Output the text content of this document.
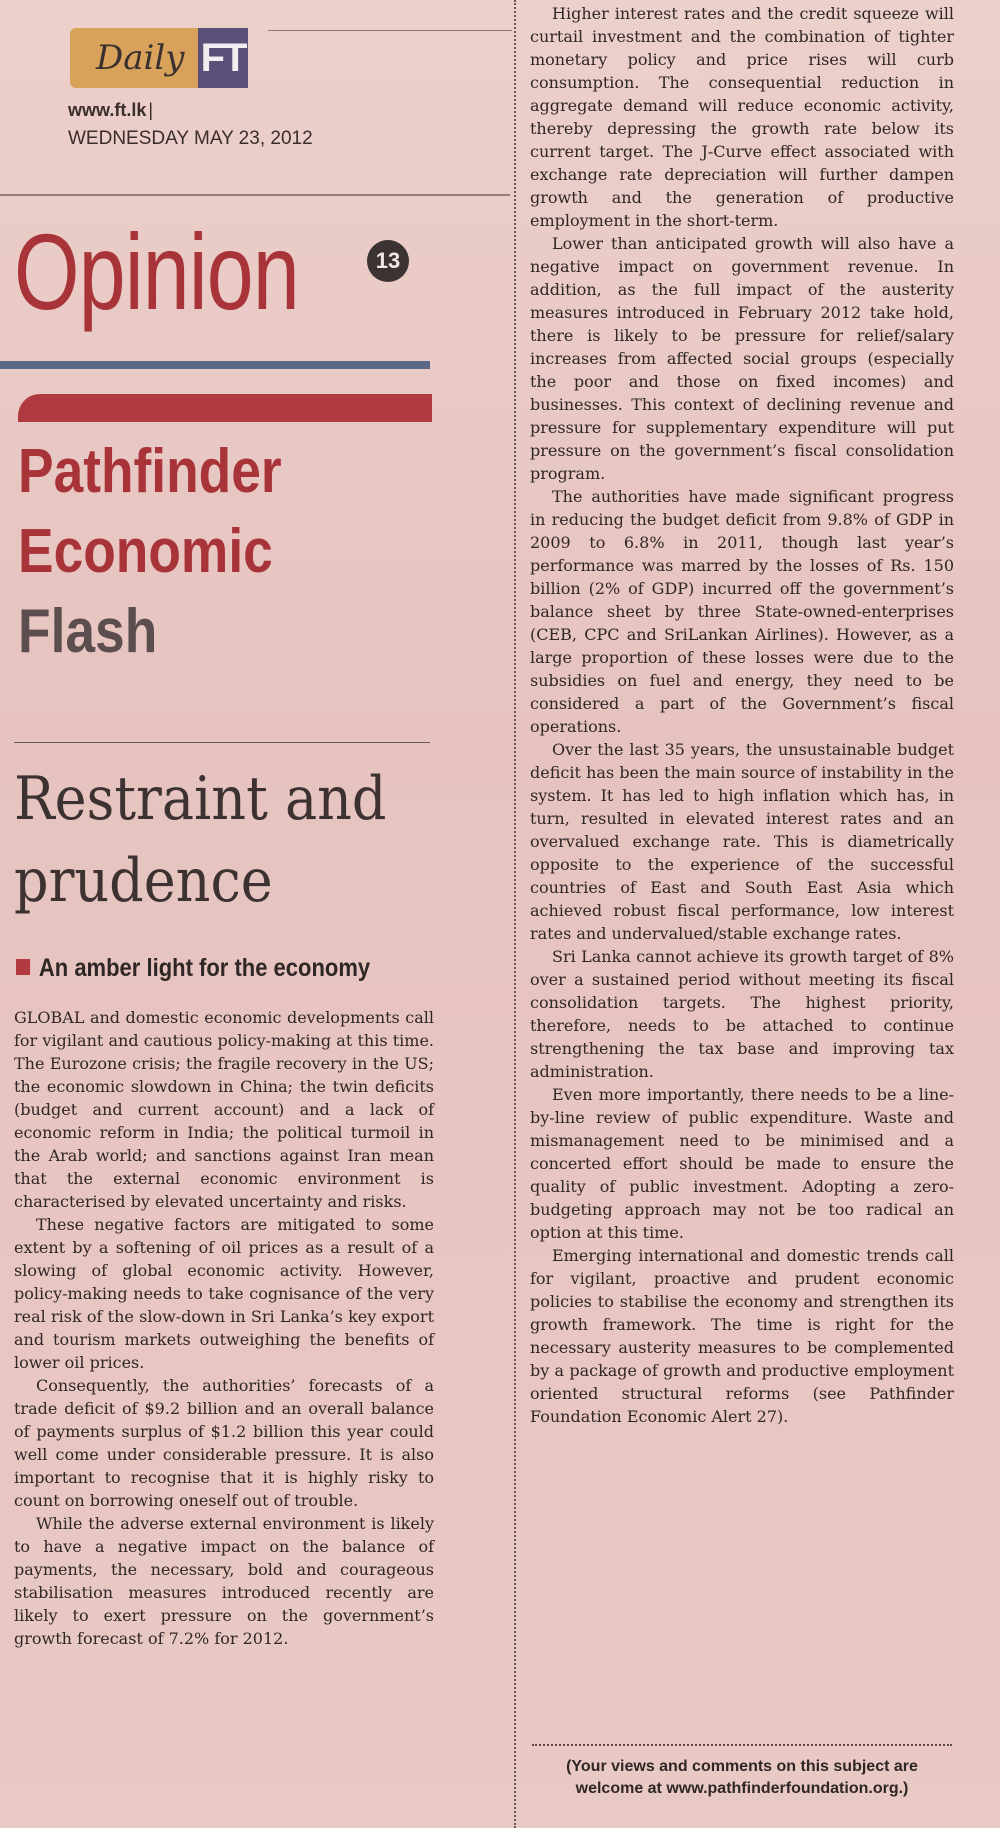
Daily FT
www.ft.lk |
WEDNESDAY MAY 23, 2012
Opinion	13
Pathfinder
Economic
Flash
Restraint and
prudence
An amber light for the economy

GLOBAL and domestic economic developments call for vigilant and cautious policy-making at this time. The Eurozone crisis; the fragile recovery in the US; the economic slowdown in China; the twin deficits (budget and current account) and a lack of economic reform in India; the political turmoil in the Arab world; and sanctions against Iran mean that the external economic environment is characterised by elevated uncertainty and risks.

These negative factors are mitigated to some extent by a softening of oil prices as a result of a slowing of global economic activity. However, policy-making needs to take cognisance of the very real risk of the slow-down in Sri Lanka’s key export and tourism markets outweighing the benefits of lower oil prices.

Consequently, the authorities’ forecasts of a trade deficit of $9.2 billion and an overall balance of payments surplus of $1.2 billion this year could well come under considerable pressure. It is also important to recognise that it is highly risky to count on borrowing oneself out of trouble.

While the adverse external environment is likely to have a negative impact on the balance of payments, the necessary, bold and courageous stabilisation measures introduced recently are likely to exert pressure on the government’s growth forecast of 7.2% for 2012.

Higher interest rates and the credit squeeze will curtail investment and the combination of tighter monetary policy and price rises will curb consumption. The consequential reduction in aggregate demand will reduce economic activity, thereby depressing the growth rate below its current target. The J-Curve effect associated with exchange rate depreciation will further dampen growth and the generation of productive employment in the short-term.

Lower than anticipated growth will also have a negative impact on government revenue. In addition, as the full impact of the austerity measures introduced in February 2012 take hold, there is likely to be pressure for relief/salary increases from affected social groups (especially the poor and those on fixed incomes) and businesses. This context of declining revenue and pressure for supplementary expenditure will put pressure on the government’s fiscal consolidation program.

The authorities have made significant progress in reducing the budget deficit from 9.8% of GDP in 2009 to 6.8% in 2011, though last year’s performance was marred by the losses of Rs. 150 billion (2% of GDP) incurred off the government’s balance sheet by three State-owned-enterprises (CEB, CPC and SriLankan Airlines). However, as a large proportion of these losses were due to the subsidies on fuel and energy, they need to be considered a part of the Government’s fiscal operations.

Over the last 35 years, the unsustainable budget deficit has been the main source of instability in the system. It has led to high inflation which has, in turn, resulted in elevated interest rates and an overvalued exchange rate. This is diametrically opposite to the experience of the successful countries of East and South East Asia which achieved robust fiscal performance, low interest rates and undervalued/stable exchange rates.

Sri Lanka cannot achieve its growth target of 8% over a sustained period without meeting its fiscal consolidation targets. The highest priority, therefore, needs to be attached to continue strengthening the tax base and improving tax administration.

Even more importantly, there needs to be a line-by-line review of public expenditure. Waste and mismanagement need to be minimised and a concerted effort should be made to ensure the quality of public investment. Adopting a zero-budgeting approach may not be too radical an option at this time.

Emerging international and domestic trends call for vigilant, proactive and prudent economic policies to stabilise the economy and strengthen its growth framework. The time is right for the necessary austerity measures to be complemented by a package of growth and productive employment oriented structural reforms (see Pathfinder Foundation Economic Alert 27).

(Your views and comments on this subject are
welcome at www.pathfinderfoundation.org.)
